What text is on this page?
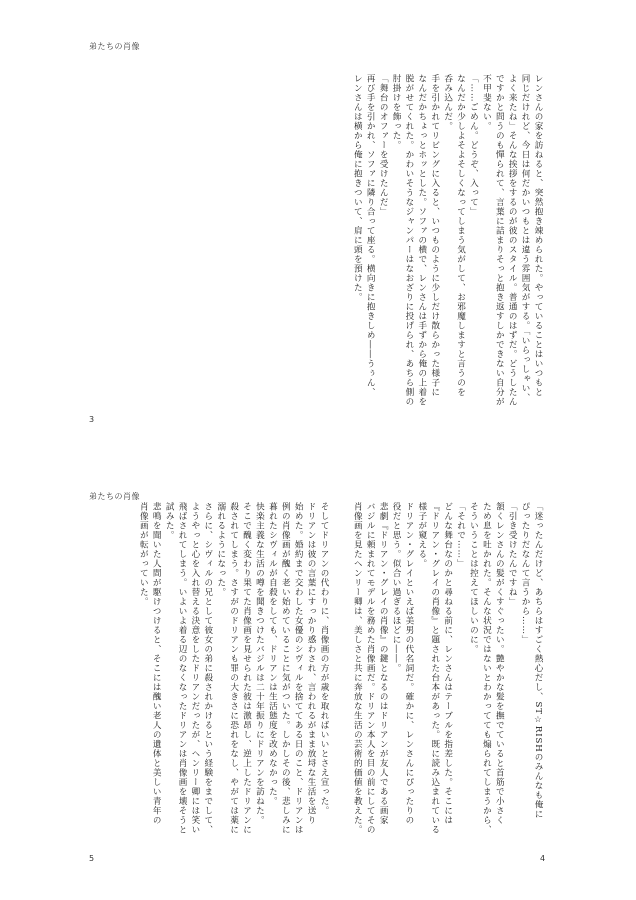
弟たちの肖像

レンさんの家を訪ねると、突然抱き竦められた。やっていることはいつもと

同じだけれど、今日は何だかいつもとは違う雰囲気がする。「いらっしゃい、

よく来たね」そんな挨拶をするのが彼のスタイル。普通のはずだ。どうしたん

ですかと問うのも憚られて、言葉に詰まりそっと抱き返すしかできない自分が

不甲斐ない。

「……ごめん。どうぞ、入って」

なんだか少しよそよそしくなってしまう気がして、お邪魔しますと言うのを

呑み込んだ。

手を引かれてリビングに入ると、いつものように少しだけ散らかった様子に

なんだかちょっとホッとした。ソファの横で、レンさんは手ずから俺の上着を

脱がせてくれた。かわいそうなジャンパーはなおざりに投げられ、あちら側の

肘掛けを飾った。

「舞台のオファーを受けたんだ」

再び手を引かれ、ソファに隣り合って座る。横向きに抱きしめ――うぅん、

レンさんは横から俺に抱きついて、肩に頭を預けた。

3
弟たちの肖像

「迷ったんだけど、あちらはすごく熱心だし、ST☆RISHのみんなも俺に

ぴったりだなんて言うから……」

「引き受けたんですね」

頷くレンさんの髪がくすぐったい。艶やかな髪を撫でていると首筋で小さく

ため息を吐かれた。そんな状況ではないとわかってても煽られてしまうから、

そういうことは控えてほしいのに。

「それで……」

どんな舞台なのかと尋ねる前に、レンさんはテーブルを指差した。そこには

『ドリアン・グレイの肖像』と題された台本があった。既に読み込まれている

様子が窺える。

ドリアン・グレイといえば美男の代名詞だ。確かに、レンさんにぴったりの

役だと思う。似合い過ぎるほどに――。

悲劇『ドリアン・グレイの肖像』の鍵となるのはドリアンが友人である画家

バジルに頼まれてモデルを務めた肖像画だ。ドリアン本人を目の前にしてその

肖像画を見たヘンリー卿は、美しさと共に奔放な生活の芸術的価値を教えた。

そしてドリアンの代わりに、肖像画の方が歳を取ればいいとさえ宣った。

ドリアンは彼の言葉にすっかり惑わされ、言われるがまま放埒な生活を送り

始めた。婚約まで交わした女優のシヴィルを捨ててある日のこと、ドリアンは

例の肖像画が醜く老い始めていることに気がついた。しかしその後、悲しみに

暮れたシヴィルが自殺をしても、ドリアンは生活態度を改めなかった。

快楽主義な生活の噂を聞きつけたバジルは二十年振りにドリアンを訪ねた。

そこで醜く変わり果てた肖像画を見せられた彼は激昂し、逆上したドリアンに

殺されてしまう。さすがのドリアンも罪の大きさに恐れをなし、やがては薬に

溺れるようになった。

さらに、シヴィルの兄として彼女の弟に殺されかけるという経験をまでして、

ようやっと心を入れ替える決意をしたドリアンだったが、ヘンリー卿には笑い

飛ばされてしまう。いよいよ着る辺のなくなったドリアンは肖像画を壊そうと

試みた。

悲鳴を聞いた人間が駆けつけると、そこには醜い老人の遺体と美しい青年の

肖像画が転がっていた。

5	4
